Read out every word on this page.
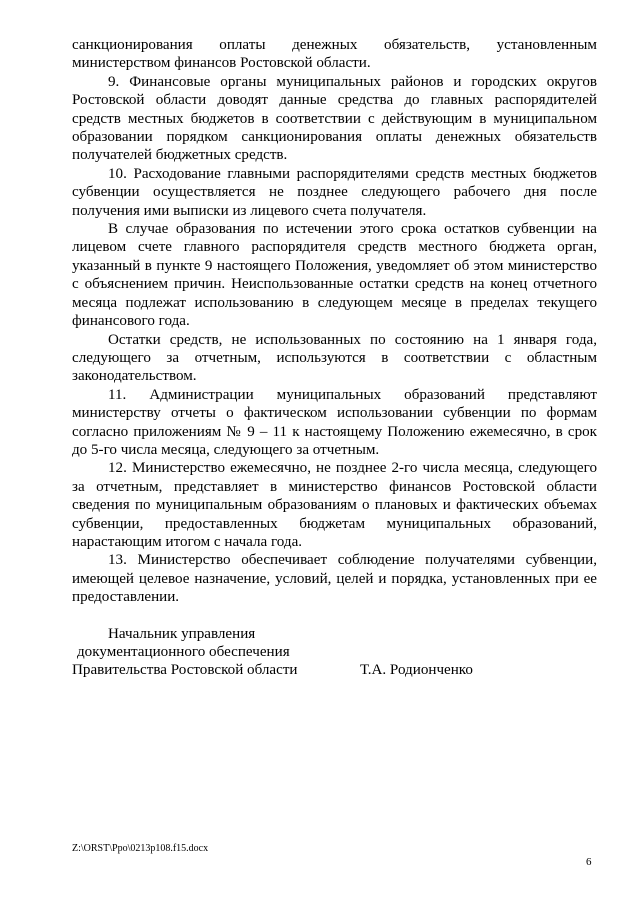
санкционирования оплаты денежных обязательств, установленным министерством финансов Ростовской области.

9. Финансовые органы муниципальных районов и городских округов Ростовской области доводят данные средства до главных распорядителей средств местных бюджетов в соответствии с действующим в муниципальном образовании порядком санкционирования оплаты денежных обязательств получателей бюджетных средств.

10. Расходование главными распорядителями средств местных бюджетов субвенции осуществляется не позднее следующего рабочего дня после получения ими выписки из лицевого счета получателя.

В случае образования по истечении этого срока остатков субвенции на лицевом счете главного распорядителя средств местного бюджета орган, указанный в пункте 9 настоящего Положения, уведомляет об этом министерство с объяснением причин. Неиспользованные остатки средств на конец отчетного месяца подлежат использованию в следующем месяце в пределах текущего финансового года.

Остатки средств, не использованных по состоянию на 1 января года, следующего за отчетным, используются в соответствии с областным законодательством.

11. Администрации муниципальных образований представляют министерству отчеты о фактическом использовании субвенции по формам согласно приложениям № 9 – 11 к настоящему Положению ежемесячно, в срок до 5-го числа месяца, следующего за отчетным.

12. Министерство ежемесячно, не позднее 2-го числа месяца, следующего за отчетным, представляет в министерство финансов Ростовской области сведения по муниципальным образованиям о плановых и фактических объемах субвенции, предоставленных бюджетам муниципальных образований, нарастающим итогом с начала года.

13. Министерство обеспечивает соблюдение получателями субвенции, имеющей целевое назначение, условий, целей и порядка, установленных при ее предоставлении.

Начальник управления
документационного обеспечения
Правительства Ростовской области	Т.А. Родионченко
Z:\ORST\Ppo\0213p108.f15.docx
6
